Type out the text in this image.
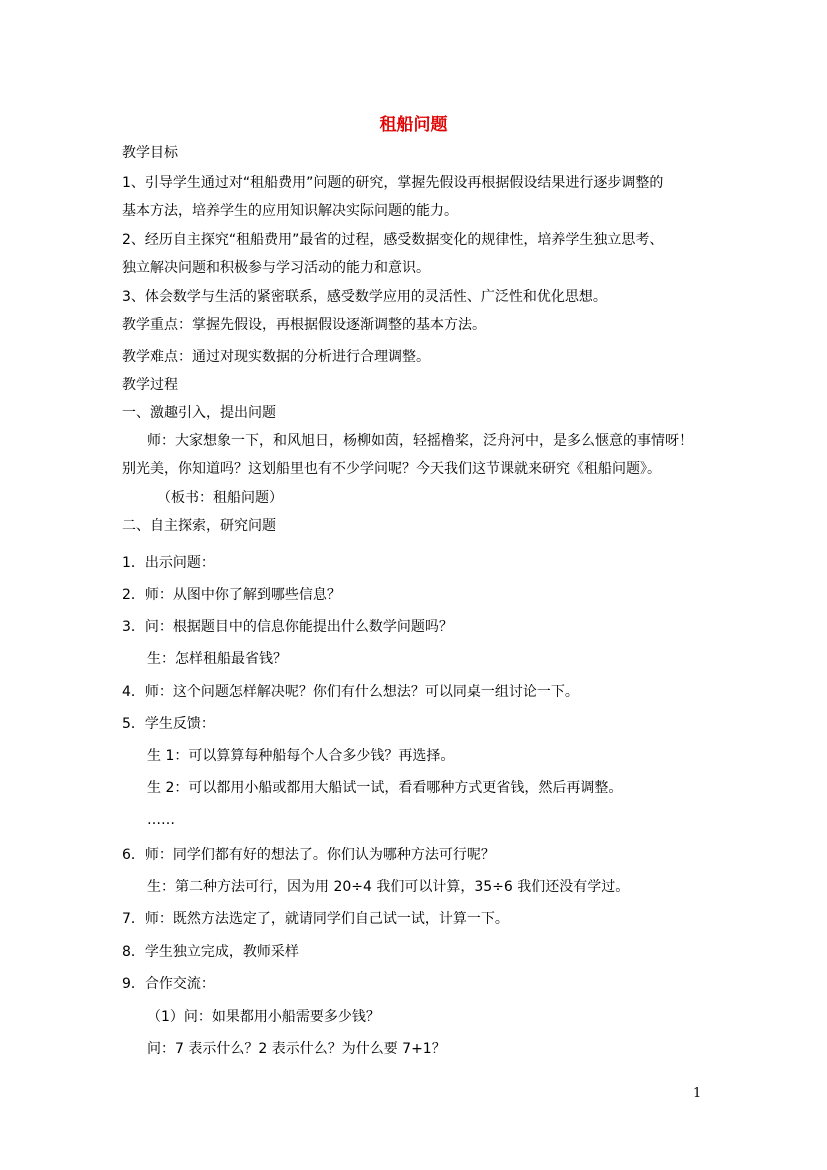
租船问题
教学目标
1、引导学生通过对“租船费用”问题的研究，掌握先假设再根据假设结果进行逐步调整的
基本方法，培养学生的应用知识解决实际问题的能力。
2、经历自主探究“租船费用”最省的过程，感受数据变化的规律性，培养学生独立思考、
独立解决问题和积极参与学习活动的能力和意识。
3、体会数学与生活的紧密联系，感受数学应用的灵活性、广泛性和优化思想。
教学重点：掌握先假设，再根据假设逐渐调整的基本方法。
教学难点：通过对现实数据的分析进行合理调整。
教学过程
一、激趣引入，提出问题
师：大家想象一下，和风旭日，杨柳如茵，轻摇橹桨，泛舟河中，是多么惬意的事情呀！
别光美，你知道吗？这划船里也有不少学问呢？今天我们这节课就来研究《租船问题》。
（板书：租船问题）
二、自主探索，研究问题
1．出示问题：
2．师：从图中你了解到哪些信息？
3．问：根据题目中的信息你能提出什么数学问题吗？
生：怎样租船最省钱？
4．师：这个问题怎样解决呢？你们有什么想法？可以同桌一组讨论一下。
5．学生反馈：
生 1：可以算算每种船每个人合多少钱？再选择。
生 2：可以都用小船或都用大船试一试，看看哪种方式更省钱，然后再调整。
……
6．师：同学们都有好的想法了。你们认为哪种方法可行呢？
生：第二种方法可行，因为用 20÷4 我们可以计算，35÷6 我们还没有学过。
7．师：既然方法选定了，就请同学们自己试一试，计算一下。
8．学生独立完成，教师采样
9．合作交流：
（1）问：如果都用小船需要多少钱？
问：7 表示什么？2 表示什么？为什么要 7+1？
1
